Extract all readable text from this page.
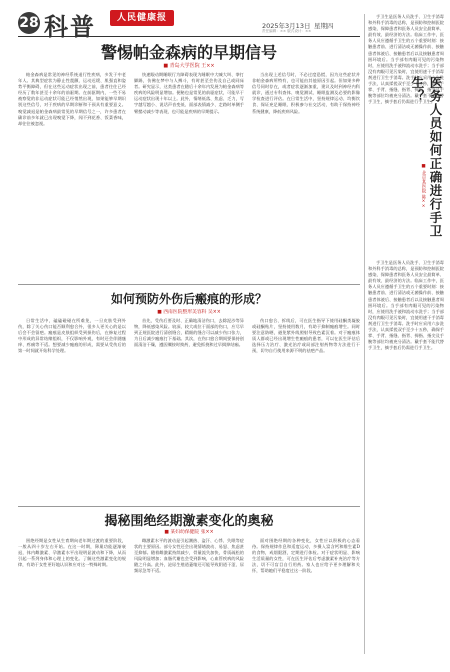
28 科普	人民健康报
2025年3月13日 星期四
责任编辑：×× 版式设计：××
警惕帕金森病的早期信号
■ 青岛大学医院 王××

帕金森病是常见的神经系统退行性疾病，多发于中老年人。其典型症状为静止性震颤、运动迟缓、肌强直和姿势平衡障碍，但在这些运动症状出现之前，患者往往已经经历了数年甚至十余年的前驱期。在前驱期内，一些不易被察觉的非运动症状可能已经悄然出现，如果能够早期识别这些信号，对于疾病的早期诊断和干预具有重要意义。嗅觉减退是帕金森病最常见的早期信号之一，许多患者在确诊前多年就已出现嗅觉下降，闻不到花香、饭菜香味，却往往被忽视。

快速眼动期睡眠行为障碍表现为睡眠中大喊大叫、拳打脚踢，仿佛在梦中与人搏斗，有时甚至会伤及自己或同床者。研究显示，这类患者在随后十余年内发展为帕金森病等疾病的风险明显增加。便秘也是常见的前驱症状，可能早于运动症状出现十年以上。此外，情绪低落、焦虑、乏力，写字越写越小、说话声音变低、面部表情减少、走路时单侧手臂摆动减少等表现，也可能是疾病的早期提示。

当出现上述信号时，不必过度恐慌，因为这些症状并非帕金森病所特有，也可能由其他原因引起。但如果多种信号同时存在，或者症状逐渐加重，建议及时到神经内科就诊，通过专科查体、嗅觉测试、睡眠监测及必要的影像学检查进行评估。在日常生活中，坚持规律运动、均衡饮食、保证充足睡眠、积极参与社交活动，有助于保持神经系统健康，降低疾病风险。

手卫生是医务人员洗手、卫生手消毒和外科手消毒的总称，是预防和控制医院感染、保障患者和医务人员安全最简单、最有效、最经济的方法。临床工作中，医务人员应遵循手卫生的五个重要时刻：接触患者前、进行清洁或无菌操作前、接触患者体液后、接触患者后以及接触患者周围环境后。当手部有肉眼可见的污染物时，应使用洗手液和流动水洗手；当手部没有肉眼可见污染时，宜使用速干手消毒剂进行卫生手消毒。洗手时应采用六步洗手法，认真揉搓双手至少十五秒，确保手掌、手背、指缝、指背、拇指、指尖及手腕等部位均被充分清洁。戴手套不能代替手卫生，摘手套后仍需进行手卫生。

医务人员如何正确进行手卫生？
■ 北京某医院 陈××

手卫生是医务人员洗手、卫生手消毒和外科手消毒的总称，是预防和控制医院感染、保障患者和医务人员安全最简单、最有效、最经济的方法。临床工作中，医务人员应遵循手卫生的五个重要时刻：接触患者前、进行清洁或无菌操作前、接触患者体液后、接触患者后以及接触患者周围环境后。当手部有肉眼可见的污染物时，应使用洗手液和流动水洗手；当手部没有肉眼可见污染时，宜使用速干手消毒剂进行卫生手消毒。洗手时应采用六步洗手法，认真揉搓双手至少十五秒，确保手掌、手背、指缝、指背、拇指、指尖及手腕等部位均被充分清洁。戴手套不能代替手卫生，摘手套后仍需进行手卫生。

如何预防外伤后瘢痕的形成？
■ 西南医院整形美容科 吴××

日常生活中，磕磕碰碰在所难免，一旦皮肤受到外伤，除了关心伤口能否顺利愈合外，很多人更关心的是以后会不会留疤。瘢痕是皮肤组织受到损伤后，在修复过程中形成的异常结缔组织，不仅影响外观，有时还会伴随瘙痒、疼痛等不适。想要减少瘢痕的形成，需要从受伤后的第一时间就开始科学处理。

首先，受伤后要及时、正确地清洁伤口，去除泥沙等异物，降低感染风险。较深、较大或位于面部的伤口，应尽早到正规医院进行清创缝合，精细的缝合可以减少伤口张力，为日后减少瘢痕打下基础。其次，在伤口愈合期间要保持创面清洁干燥，遵医嘱按时换药，避免抓挠和过早揭掉结痂。

伤口愈合、拆线后，可在医生指导下使用硅酮类凝胶或硅酮贴片，坚持使用数月，有助于抑制瘢痕增生。同时要注意防晒，避免紫外线照射导致色素沉着。对于瘢痕体质人群或已经出现增生性瘢痕的患者，可以在医生评估后选择压力治疗、激光治疗或局部注射药物等方法进行干预，切勿自行使用来源不明的祛疤产品。

揭秘围绝经期激素变化的奥秘
■ 某妇幼保健院 张××

围绝经期是女性从生育期向老年期过渡的重要阶段，一般从四十岁左右开始。在这一时期，卵巢功能逐渐衰退，体内雌激素、孕激素水平出现明显波动和下降，从而引起一系列身体和心理上的变化。了解这些激素变化的规律，有助于女性更好地认识和应对这一特殊时期。

雌激素水平的波动是引起潮热、盗汗、心悸、失眠等症状的主要原因。部分女性还会出现情绪波动、易怒、焦虑甚至抑郁。随着雌激素持续减少，骨量流失加快，骨质疏松的风险明显增加；血脂代谢也会受到影响，心血管疾病的风险随之升高。此外，泌尿生殖道萎缩还可能导致阴道干涩、尿频尿急等不适。

面对围绝经期的各种变化，女性应以积极的心态看待。保持规律作息和适度运动，多摄入富含钙和维生素D的食物，戒烟限酒，定期进行体检。对于症状明显、影响生活质量的女性，可在医生评估后考虑激素补充治疗等方法，切不可盲目自行用药。家人也应给予更多理解和关怀，帮助她们平稳度过这一阶段。
